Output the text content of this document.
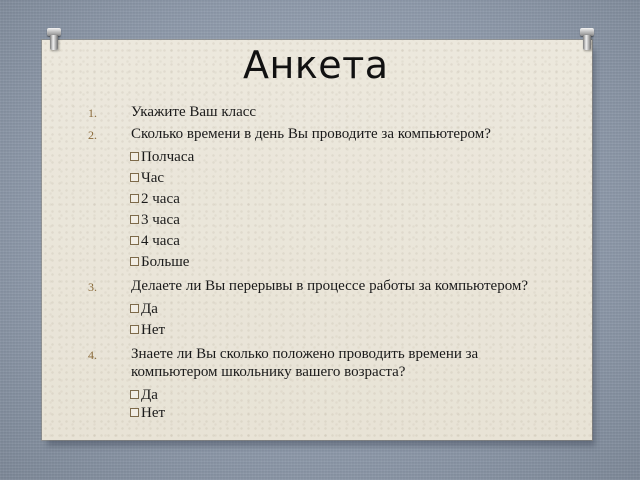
Анкета

1. Укажите Ваш класс

2. Сколько времени в день Вы проводите за компьютером?

Полчаса
Час
2 часа
3 часа
4 часа
Больше

3. Делаете ли Вы перерывы в процессе работы за компьютером?

Да
Нет

4. Знаете ли Вы сколько положено проводить времени за
компьютером школьнику вашего возраста?

Да
Нет
